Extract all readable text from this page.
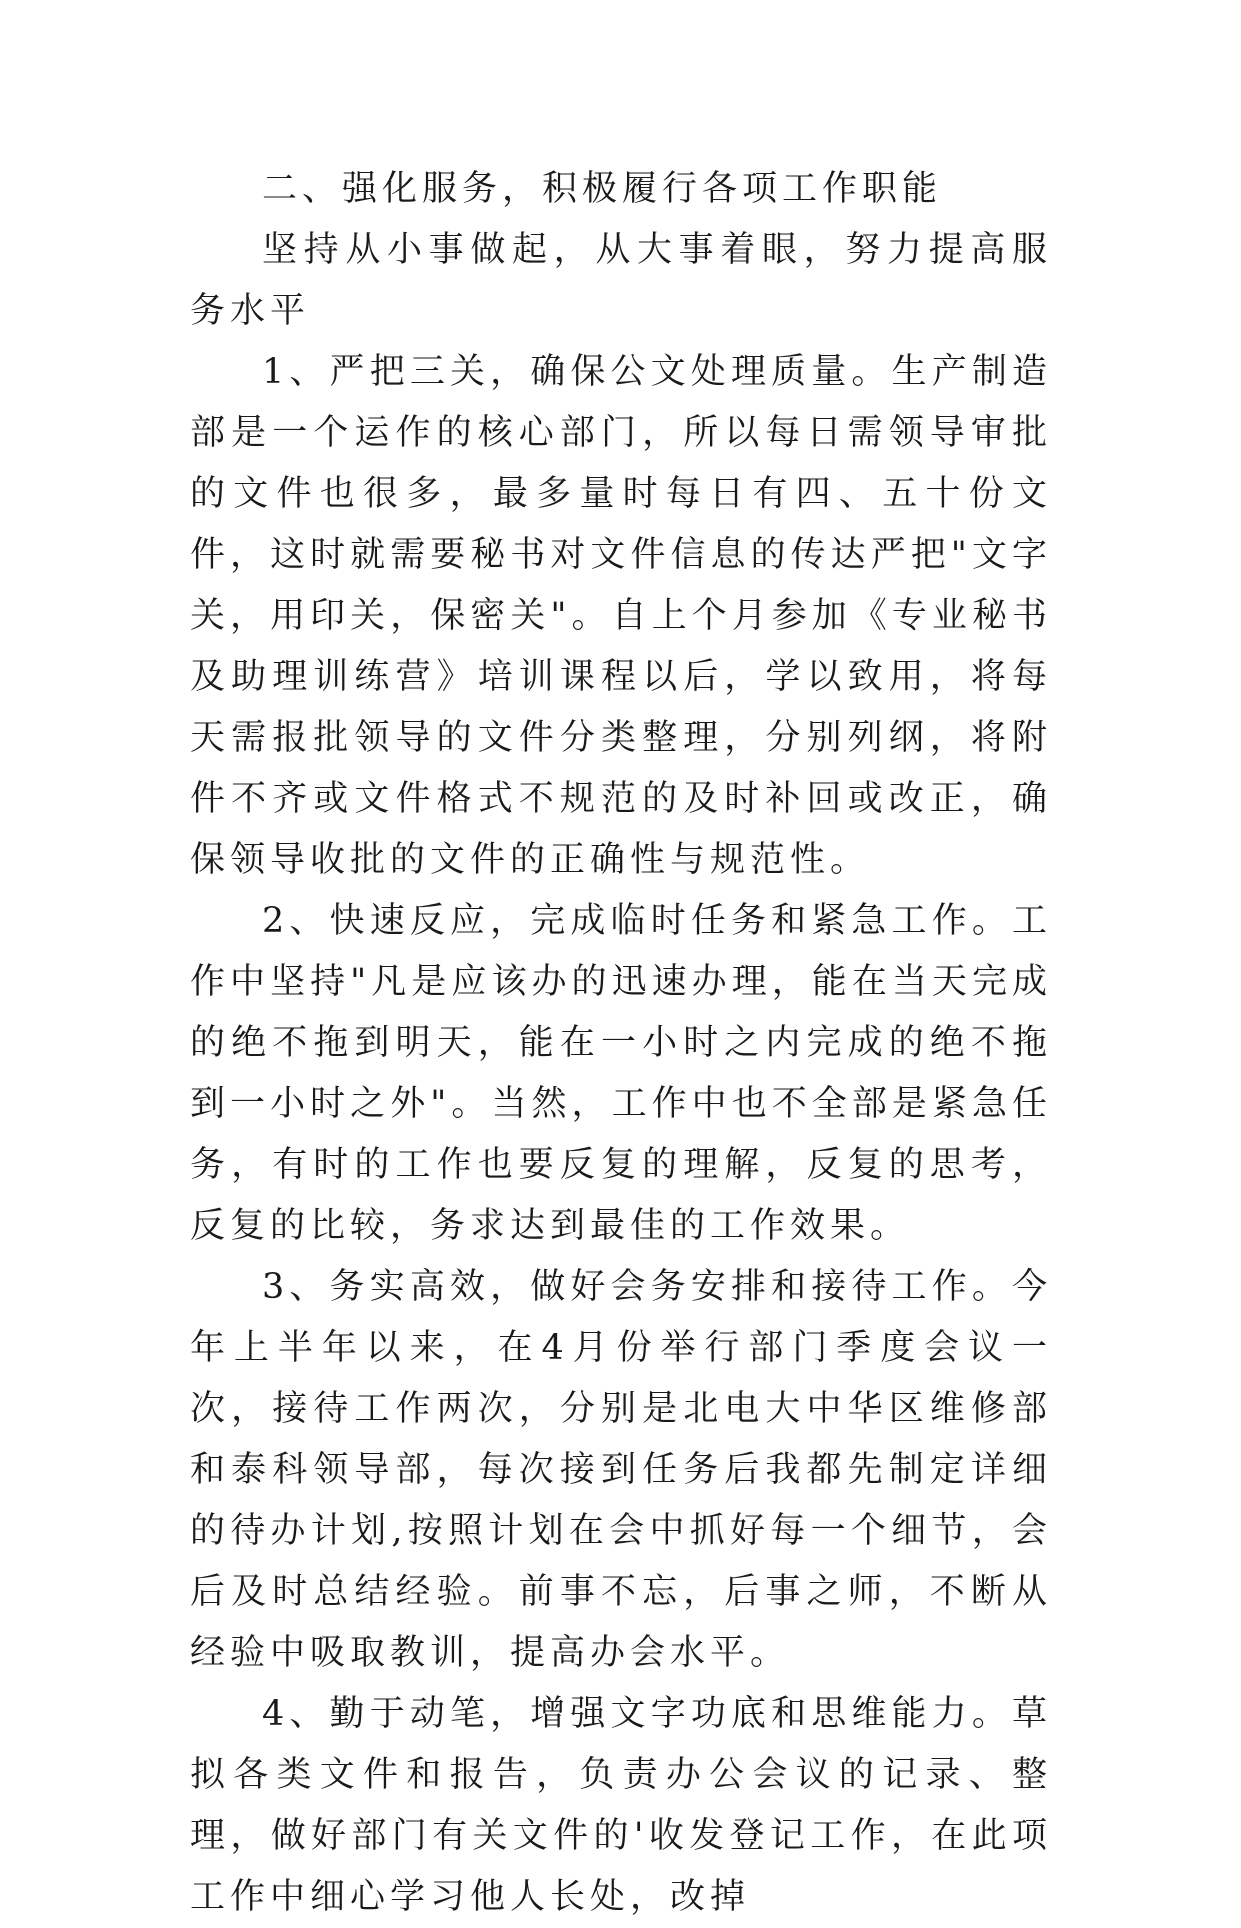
二、强化服务，积极履行各项工作职能

坚持从小事做起，从大事着眼，努力提高服务水平

1、严把三关，确保公文处理质量。生产制造部是一个运作的核心部门，所以每日需领导审批的文件也很多，最多量时每日有四、五十份文件，这时就需要秘书对文件信息的传达严把"文字关，用印关，保密关"。自上个月参加《专业秘书及助理训练营》培训课程以后，学以致用，将每天需报批领导的文件分类整理，分别列纲，将附件不齐或文件格式不规范的及时补回或改正，确保领导收批的文件的正确性与规范性。

2、快速反应，完成临时任务和紧急工作。工作中坚持"凡是应该办的迅速办理，能在当天完成的绝不拖到明天，能在一小时之内完成的绝不拖到一小时之外"。当然，工作中也不全部是紧急任务，有时的工作也要反复的理解，反复的思考，反复的比较，务求达到最佳的工作效果。

3、务实高效，做好会务安排和接待工作。今年上半年以来，在4月份举行部门季度会议一次，接待工作两次，分别是北电大中华区维修部和泰科领导部，每次接到任务后我都先制定详细的待办计划,按照计划在会中抓好每一个细节，会后及时总结经验。前事不忘，后事之师，不断从经验中吸取教训，提高办会水平。

4、勤于动笔，增强文字功底和思维能力。草拟各类文件和报告，负责办公会议的记录、整理，做好部门有关文件的'收发登记工作，在此项工作中细心学习他人长处，改掉
